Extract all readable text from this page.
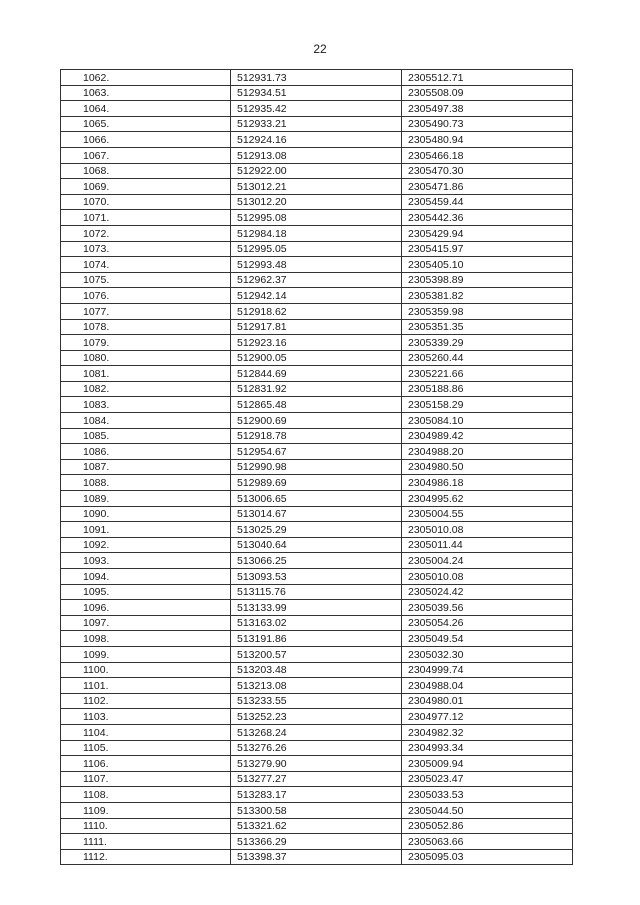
22
1062.	512931.73	2305512.71
1063.	512934.51	2305508.09
1064.	512935.42	2305497.38
1065.	512933.21	2305490.73
1066.	512924.16	2305480.94
1067.	512913.08	2305466.18
1068.	512922.00	2305470.30
1069.	513012.21	2305471.86
1070.	513012.20	2305459.44
1071.	512995.08	2305442.36
1072.	512984.18	2305429.94
1073.	512995.05	2305415.97
1074.	512993.48	2305405.10
1075.	512962.37	2305398.89
1076.	512942.14	2305381.82
1077.	512918.62	2305359.98
1078.	512917.81	2305351.35
1079.	512923.16	2305339.29
1080.	512900.05	2305260.44
1081.	512844.69	2305221.66
1082.	512831.92	2305188.86
1083.	512865.48	2305158.29
1084.	512900.69	2305084.10
1085.	512918.78	2304989.42
1086.	512954.67	2304988.20
1087.	512990.98	2304980.50
1088.	512989.69	2304986.18
1089.	513006.65	2304995.62
1090.	513014.67	2305004.55
1091.	513025.29	2305010.08
1092.	513040.64	2305011.44
1093.	513066.25	2305004.24
1094.	513093.53	2305010.08
1095.	513115.76	2305024.42
1096.	513133.99	2305039.56
1097.	513163.02	2305054.26
1098.	513191.86	2305049.54
1099.	513200.57	2305032.30
1100.	513203.48	2304999.74
1101.	513213.08	2304988.04
1102.	513233.55	2304980.01
1103.	513252.23	2304977.12
1104.	513268.24	2304982.32
1105.	513276.26	2304993.34
1106.	513279.90	2305009.94
1107.	513277.27	2305023.47
1108.	513283.17	2305033.53
1109.	513300.58	2305044.50
1110.	513321.62	2305052.86
1111.	513366.29	2305063.66
1112.	513398.37	2305095.03
